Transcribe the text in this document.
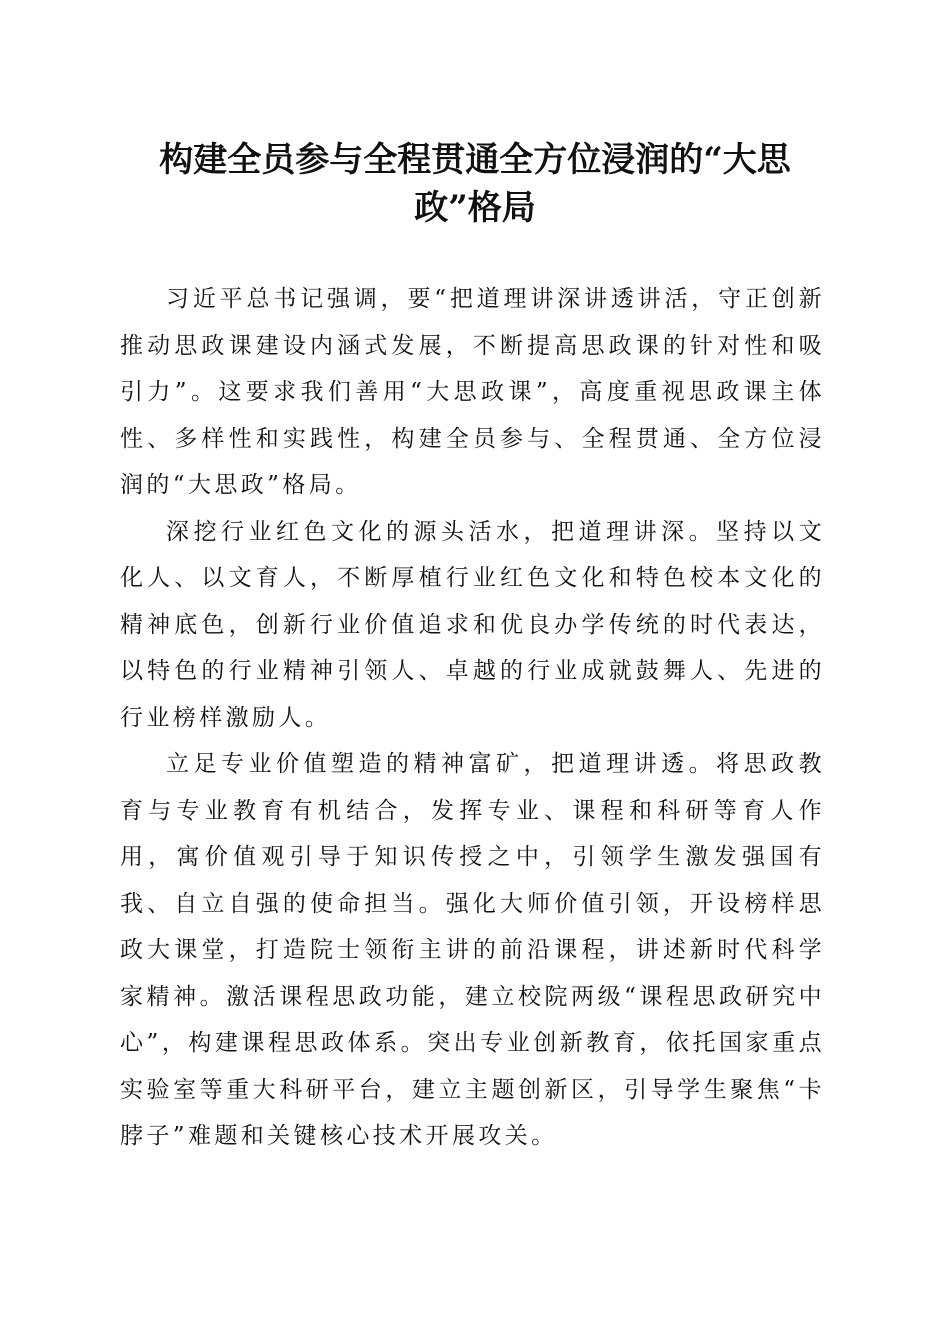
构建全员参与全程贯通全方位浸润的“大思政”格局

习近平总书记强调，要“把道理讲深讲透讲活，守正创新推动思政课建设内涵式发展，不断提高思政课的针对性和吸引力”。这要求我们善用“大思政课”，高度重视思政课主体性、多样性和实践性，构建全员参与、全程贯通、全方位浸润的“大思政”格局。

深挖行业红色文化的源头活水，把道理讲深。坚持以文化人、以文育人，不断厚植行业红色文化和特色校本文化的精神底色，创新行业价值追求和优良办学传统的时代表达，以特色的行业精神引领人、卓越的行业成就鼓舞人、先进的行业榜样激励人。

立足专业价值塑造的精神富矿，把道理讲透。将思政教育与专业教育有机结合，发挥专业、课程和科研等育人作用，寓价值观引导于知识传授之中，引领学生激发强国有我、自立自强的使命担当。强化大师价值引领，开设榜样思政大课堂，打造院士领衔主讲的前沿课程，讲述新时代科学家精神。激活课程思政功能，建立校院两级“课程思政研究中心”，构建课程思政体系。突出专业创新教育，依托国家重点实验室等重大科研平台，建立主题创新区，引导学生聚焦“卡脖子”难题和关键核心技术开展攻关。
